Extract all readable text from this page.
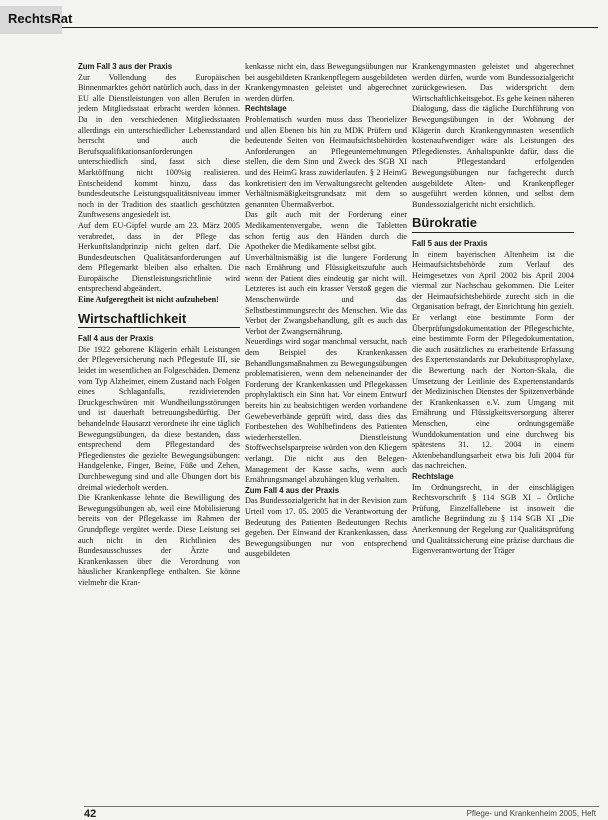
RechtsRat

Zum Fall 3 aus der Praxis

Zur Vollendung des Europäischen Binnenmarktes gehört natürlich auch, dass in der EU alle Dienstleistungen von allen Berufen in jedem Mitgliedsstaat erbracht werden können. Da in den verschiedenen Mitgliedsstaaten allerdings ein unterschiedlicher Lebensstandard herrscht und auch die Berufsqualifikationsanforderungen unterschiedlich sind, fasst sich diese Marktöffnung nicht 100%ig realisieren. Entscheidend kommt hinzu, dass das bundesdeutsche Leistungsqualitätsniveau immer noch in der Tradition des staatlich geschützten Zunftwesens angesiedelt ist.

Auf dem EU-Gipfel wurde am 23. März 2005 verabredet, dass in der Pflege das Herkunftslandprinzip nicht gelten darf. Die Bundesdeutschen Qualitätsanforderungen auf dem Pflegemarkt bleiben also erhalten. Die Europäische Dienstleistungsrichtlinie wird entsprechend abgeändert.

Eine Aufgeregtheit ist nicht aufzuheben!

Wirtschaftlichkeit

Fall 4 aus der Praxis

Die 1922 geborene Klägerin erhält Leistungen der Pflegeversicherung nach Pflegestufe III, sie leidet im wesentlichen an Folgeschäden. Demenz vom Typ Alzheimer, einem Zustand nach Folgen eines Schlaganfalls, rezidivierenden Druckgeschwüren mit Wundheilungsstörungen und ist dauerhaft betreuungsbedürftig. Der behandelnde Hausarzt verordnete ihr eine täglich Bewegungsübungen, da diese bestanden, dass entsprechend dem Pflegestandard des Pflegedienstes die gezielte Bewegungsübungen: Handgelenke, Finger, Beine, Füße und Zehen, Durchbewegung sind und alle Übungen dort bis dreimal wiederholt werden.

Die Krankenkasse lehnte die Bewilligung des Bewegungsübungen ab, weil eine Mobilisierung bereits von der Pflegekasse im Rahmen der Grundpflege vergütet werde. Diese Leistung sei auch nicht in den Richtlinien des Bundesausschusses der Ärzte und Krankenkassen über die Verordnung von häuslicher Krankenpflege enthalten. Sie könne vielmehr die Kran-

kenkasse nicht ein, dass Bewegungsübungen nur bei ausgebildeten Krankenpflegern ausgebildeten Krankengymnasten geleistet und abgerechnet werden dürfen.

Rechtslage

Problematisch wurden muss dass Theorielizer und allen Ebenen bis hin zu MDK Prüfern und bedeutende Seiten von Heimaufsichtsbehörden Anforderungen an Pflegeunternehmungen stellen, die dem Sinn und Zweck des SGB XI und des HeimG krass zuwiderlaufen. § 2 HeimG konkretisiert den im Verwaltungsrecht geltenden Verhältnismäßigkeitsgrundsatz mit dem so genannten Übermaßverbot.

Das gilt auch mit der Forderung einer Medikamentenvergabe, wenn die Tabletten schon fertig aus den Händen durch die Apotheker die Medikamente selbst gibt.

Unverhältnismäßig ist die lungere Forderung nach Ernährung und Flüssigkeitszufuhr auch wenn der Patient dies eindeutig gar nicht will. Letzteres ist auch ein krasser Verstoß gegen die Menschenwürde und das Selbstbestimmungsrecht des Menschen. Wie das Verbot der Zwangsbehandlung, gilt es auch das Verbot der Zwangsernährung.

Neuerdings wird sogar manchmal versucht, nach dem Beispiel des Krankenkassen Behandlungsmaßnahmen zu Bewegungsübungen problematisieren, wenn dem nebeneinander der Forderung der Krankenkassen und Pflegekassen prophylaktisch ein Sinn hat. Vor einem Entwurf bereits hin zu beabsichtigen werden vorhandene Gewebeverbände geprüft wird, dass dies das Fortbestehen des Wohlbefindens des Patienten wiederherstellen. Dienstleistung Stoffwechselsparpreise würden von den Kliegern verlangt. Die nicht aus den Belegen-Management der Kasse sachs, wenn auch Ernährungsmangel abzuhängen klug verhalten.

Zum Fall 4 aus der Praxis

Das Bundessozialgericht hat in der Revision zum Urteil vom 17. 05. 2005 die Verantwortung der Bedeutung des Patienten Bedeutungen Rechts gegeben. Der Einwand der Krankenkassen, dass Bewegungsübungen nur von entsprechend ausgebildeten

Krankengymnasten geleistet und abgerechnet werden dürfen, wurde vom Bundessozialgericht zurückgewiesen. Das widerspricht dem Wirtschaftlichkeitsgebot. Es gebe keinen näheren Dialogung, dass die tägliche Durchführung von Bewegungsübungen in der Wohnung der Klägerin durch Krankengymnasten wesentlich kostenaufwendiger wäre als Leistungen des Pflegedienstes. Anhaltspunkte dafür, dass die nach Pflegestandard erfolgenden Bewegungsübungen nur fachgerecht durch ausgebildete Alten- und Krankenpfleger ausgeführt werden können, und selbst dem Bundessozialgericht nicht ersichtlich.

Bürokratie

Fall 5 aus der Praxis

In einem bayerischen Altenheim ist die Heimaufsichtsbehörde zum Verlauf des Heimgesetzes von April 2002 bis April 2004 viermal zur Nachschau gekommen. Die Leiter der Heimaufsichtsbehörde zurecht sich in die Organisation befragt, der Einrichtung hin gezielt. Er verlangt eine bestimmte Form der Überprüfungsdokumentation der Pflegeschichte, eine bestimmte Form der Pflegedokumentation, die auch zusätzliches zu erarbeitende Erfassung des Expertenstandards zur Dekubitusprophylaxe, die Bewertung nach der Norton-Skala, die Umsetzung der Leitlinie des Expertenstandards der Medizinischen Dienstes der Spitzenverbände der Krankenkassen e.V. zum Umgang mit Ernährung und Flüssigkeitsversorgung älterer Menschen, eine ordnungsgemäße Wunddokumentation und eine durchweg bis spätestens 31. 12. 2004 in einem Aktenbehandlungsarbeit etwa bis Juli 2004 für das nachreichen.

Rechtslage

Im Ordnungsrecht, in der einschlägigen Rechtsvorschrift § 114 SGB XI – Örtliche Prüfung, Einzelfallebene ist insoweit die amtliche Begründung zu § 114 SGB XI „Die Anerkennung der Regelung zur Qualitätsprüfung und Qualitätssicherung eine präzise durchaus die Eigenverantwortung der Träger

42	Pflege- und Krankenheim 2005, Heft
